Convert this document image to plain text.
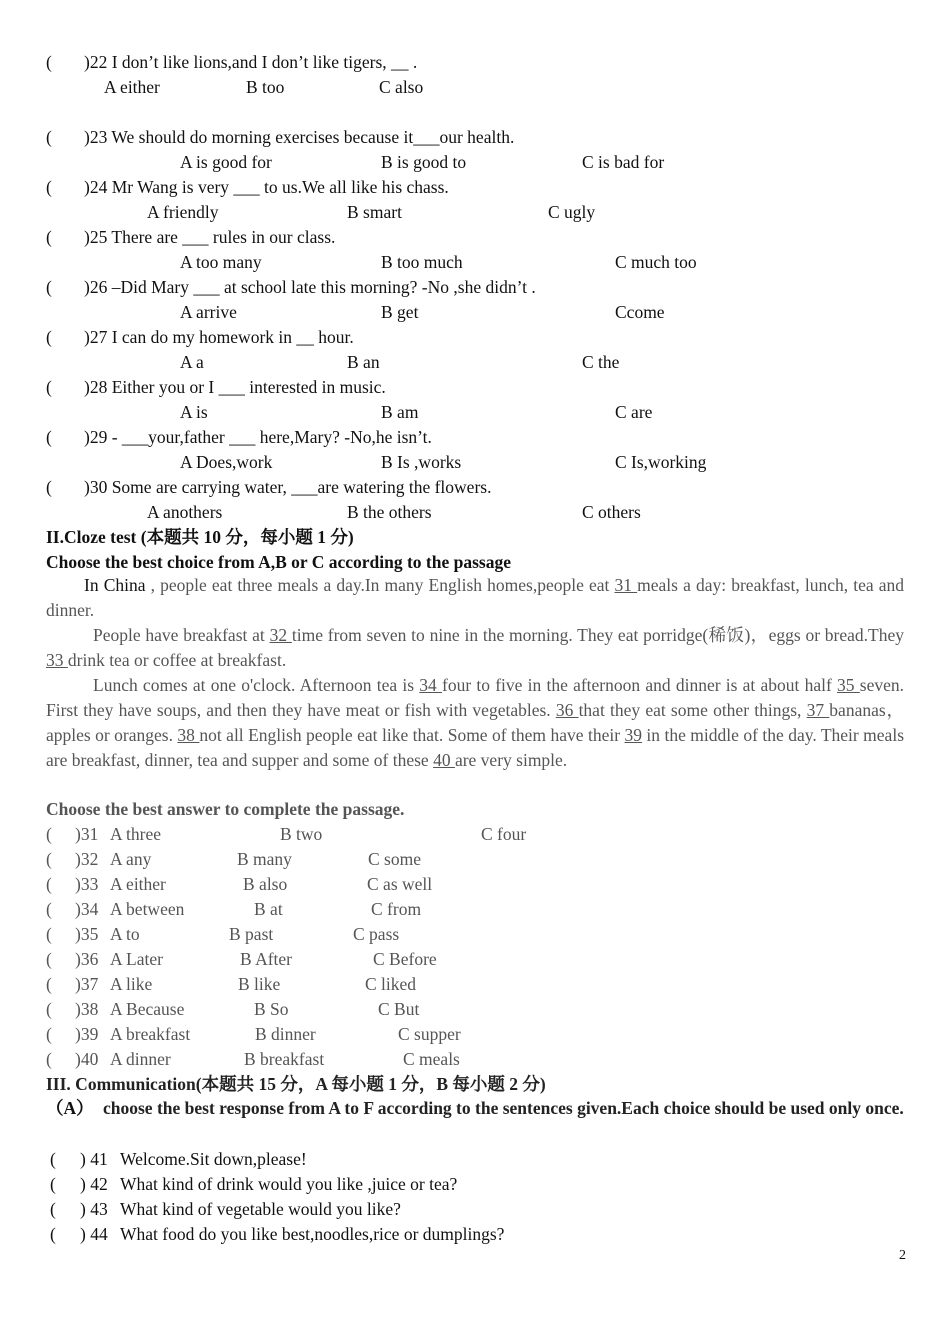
( )22 I don’t like lions,and I don’t like tigers, __ .
A either	B too	C also
( )23 We should do morning exercises because it___our health.
A is good for	B is good to	C is bad for
( )24 Mr Wang is very ___ to us.We all like his chass.
A friendly	B smart	C ugly
( )25 There are ___ rules in our class.
A too many	B too much	C much too
( )26 –Did Mary ___ at school late this morning? -No ,she didn’t .
A arrive	B get	Ccome
( )27 I can do my homework in __ hour.
A a	B an	C the
( )28 Either you or I ___ interested in music.
A is	B am	C are
( )29 - ___your,father ___ here,Mary? -No,he isn’t.
A Does,work	B Is ,works	C Is,working
( )30 Some are carrying water, ___are watering the flowers.
A anothers	B the others	C others
II.Cloze test (本题共 10 分，每小题 1 分)
Choose the best choice from A,B or C according to the passage
In China , people eat three meals a day.In many English homes,people eat 31 meals a day: breakfast, lunch, tea and dinner.
People have breakfast at 32 time from seven to nine in the morning. They eat porridge(稀饭)，eggs or bread.They 33 drink tea or coffee at breakfast.
Lunch comes at one o'clock. Afternoon tea is 34 four to five in the afternoon and dinner is at about half 35 seven. First they have soups, and then they have meat or fish with vegetables. 36 that they eat some other things, 37 bananas，apples or oranges. 38 not all English people eat like that. Some of them have their 39 in the middle of the day. Their meals are breakfast, dinner, tea and supper and some of these 40 are very simple.
Choose the best answer to complete the passage.
( )31 A three	B two	C four
( )32 A any	B many	C some
( )33 A either	B also	C as well
( )34 A between	B at	C from
( )35 A to	B past	C pass
( )36 A Later	B After	C Before
( )37 A like	B like	C liked
( )38 A Because	B So	C But
( )39 A breakfast	B dinner	C supper
( )40 A dinner	B breakfast	C meals
III. Communication(本题共 15 分，A 每小题 1 分，B 每小题 2 分)
（A） choose the best response from A to F according to the sentences given.Each choice should be used only once.
( ) 41 Welcome.Sit down,please!
( ) 42 What kind of drink would you like ,juice or tea?
( ) 43 What kind of vegetable would you like?
( ) 44 What food do you like best,noodles,rice or dumplings?
2
